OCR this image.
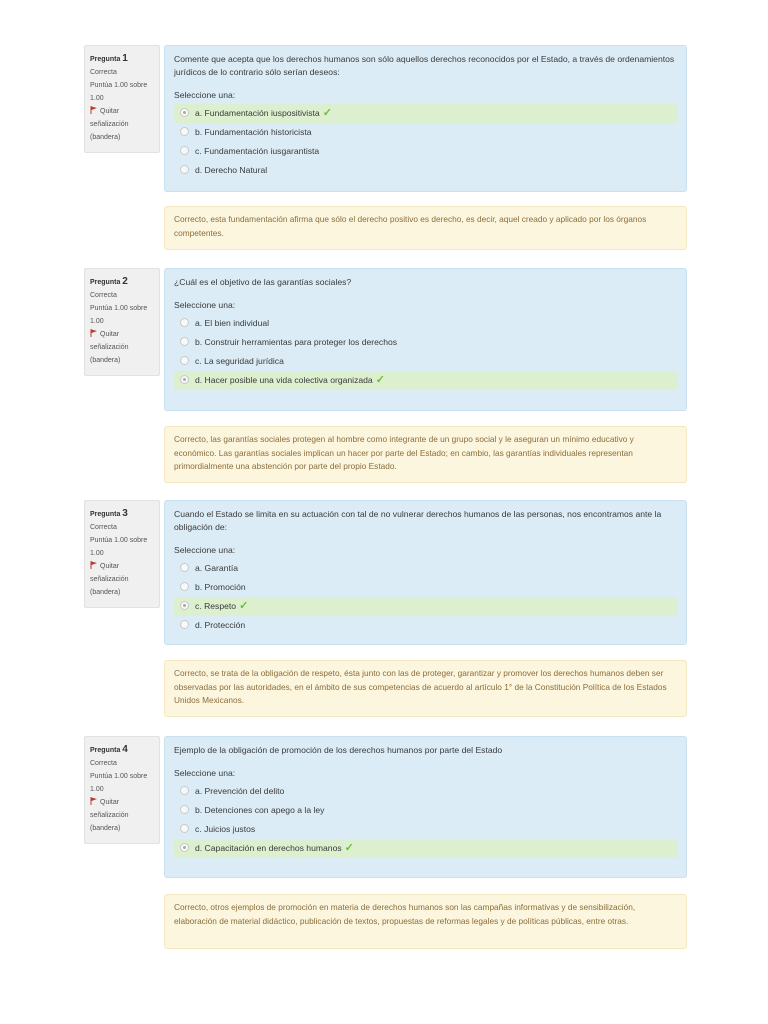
Pregunta 1
Correcta
Puntúa 1.00 sobre 1.00
Quitar señalización (bandera)
Comente que acepta que los derechos humanos son sólo aquellos derechos reconocidos por el Estado, a través de ordenamientos jurídicos de lo contrario sólo serían deseos:
Seleccione una:
a. Fundamentación iuspositivista ✓
b. Fundamentación historicista
c. Fundamentación iusgarantista
d. Derecho Natural
Correcto, esta fundamentación afirma que sólo el derecho positivo es derecho, es decir, aquel creado y aplicado por los órganos competentes.
Pregunta 2
Correcta
Puntúa 1.00 sobre 1.00
Quitar señalización (bandera)
¿Cuál es el objetivo de las garantías sociales?
Seleccione una:
a. El bien individual
b. Construir herramientas para proteger los derechos
c. La seguridad jurídica
d. Hacer posible una vida colectiva organizada ✓
Correcto, las garantías sociales protegen al hombre como integrante de un grupo social y le aseguran un mínimo educativo y económico. Las garantías sociales implican un hacer por parte del Estado; en cambio, las garantías individuales representan primordialmente una abstención por parte del propio Estado.
Pregunta 3
Correcta
Puntúa 1.00 sobre 1.00
Quitar señalización (bandera)
Cuando el Estado se limita en su actuación con tal de no vulnerar derechos humanos de las personas, nos encontramos ante la obligación de:
Seleccione una:
a. Garantía
b. Promoción
c. Respeto ✓
d. Protección
Correcto, se trata de la obligación de respeto, ésta junto con las de proteger, garantizar y promover los derechos humanos deben ser observadas por las autoridades, en el ámbito de sus competencias de acuerdo al artículo 1° de la Constitución Política de los Estados Unidos Mexicanos.
Pregunta 4
Correcta
Puntúa 1.00 sobre 1.00
Quitar señalización (bandera)
Ejemplo de la obligación de promoción de los derechos humanos por parte del Estado
Seleccione una:
a. Prevención del delito
b. Detenciones con apego a la ley
c. Juicios justos
d. Capacitación en derechos humanos ✓
Correcto, otros ejemplos de promoción en materia de derechos humanos son las campañas informativas y de sensibilización, elaboración de material didáctico, publicación de textos, propuestas de reformas legales y de políticas públicas, entre otras.
